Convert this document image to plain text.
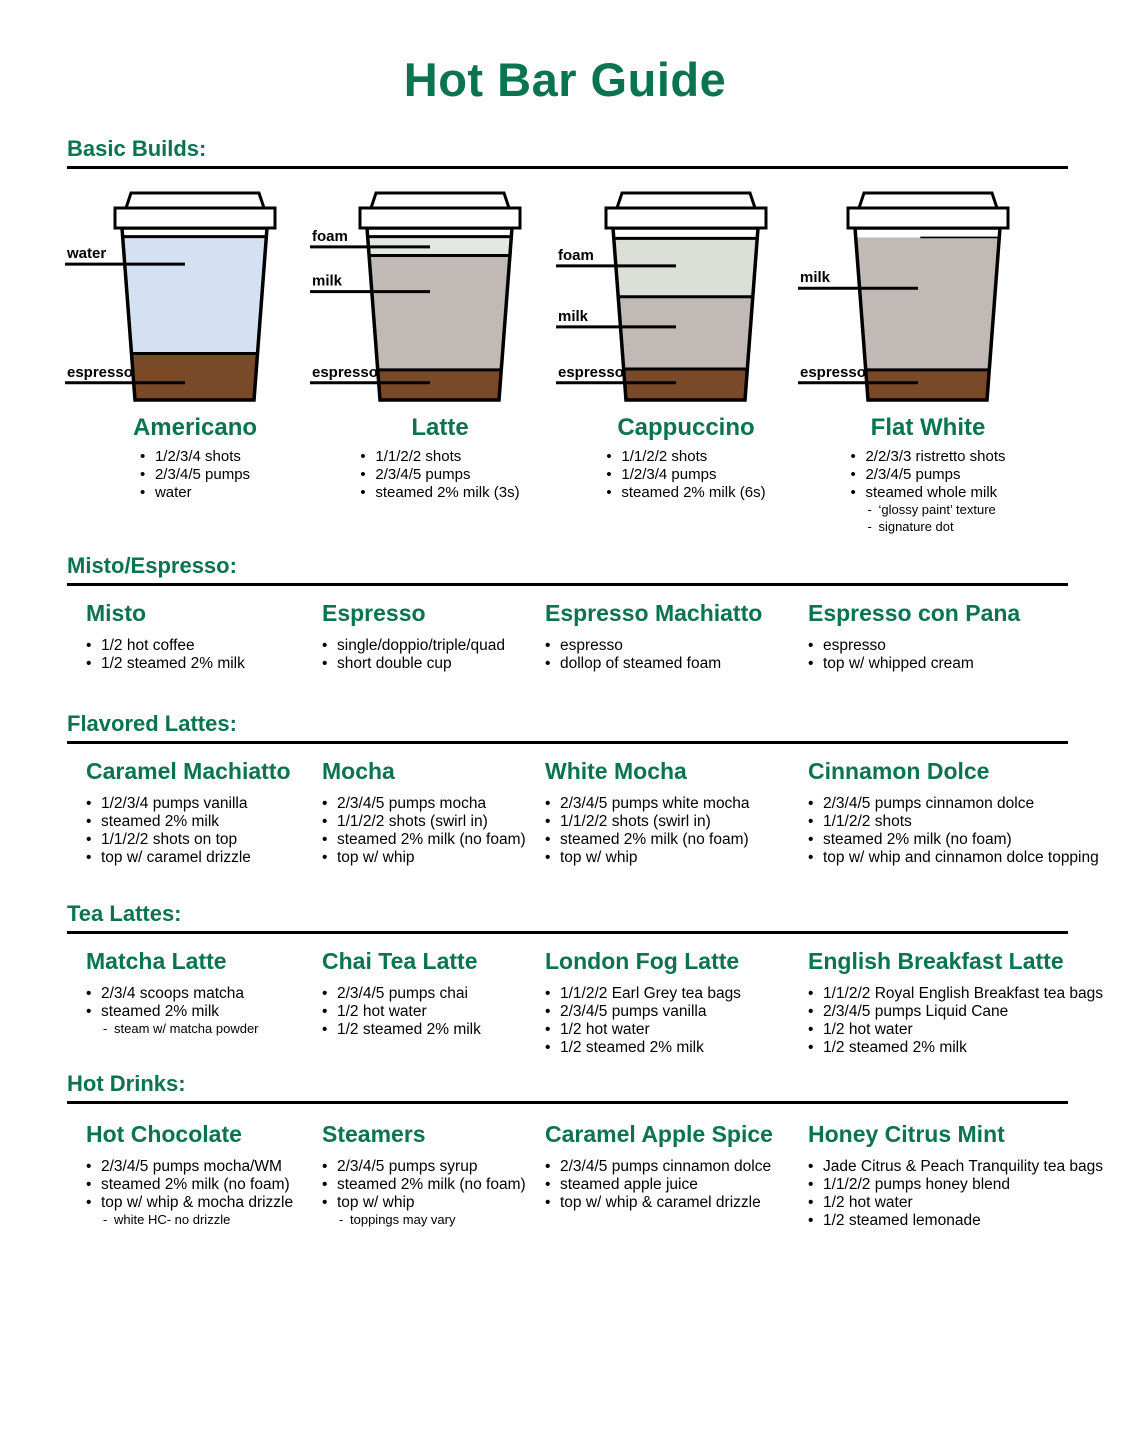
Hot Bar Guide
Basic Builds:
water
espresso
Americano
• 1/2/3/4 shots
• 2/3/4/5 pumps
• water
foam
milk
espresso
Latte
• 1/1/2/2 shots
• 2/3/4/5 pumps
• steamed 2% milk (3s)
foam
milk
espresso
Cappuccino
• 1/1/2/2 shots
• 1/2/3/4 pumps
• steamed 2% milk (6s)
milk
espresso
Flat White
• 2/2/3/3 ristretto shots
• 2/3/4/5 pumps
• steamed whole milk
- ‘glossy paint’ texture
- signature dot
Misto/Espresso:
Misto
• 1/2 hot coffee
• 1/2 steamed 2% milk
Espresso
• single/doppio/triple/quad
• short double cup
Espresso Machiatto
• espresso
• dollop of steamed foam
Espresso con Pana
• espresso
• top w/ whipped cream
Flavored Lattes:
Caramel Machiatto
• 1/2/3/4 pumps vanilla
• steamed 2% milk
• 1/1/2/2 shots on top
• top w/ caramel drizzle
Mocha
• 2/3/4/5 pumps mocha
• 1/1/2/2 shots (swirl in)
• steamed 2% milk (no foam)
• top w/ whip
White Mocha
• 2/3/4/5 pumps white mocha
• 1/1/2/2 shots (swirl in)
• steamed 2% milk (no foam)
• top w/ whip
Cinnamon Dolce
• 2/3/4/5 pumps cinnamon dolce
• 1/1/2/2 shots
• steamed 2% milk (no foam)
• top w/ whip and cinnamon dolce topping
Tea Lattes:
Matcha Latte
• 2/3/4 scoops matcha
• steamed 2% milk
- steam w/ matcha powder
Chai Tea Latte
• 2/3/4/5 pumps chai
• 1/2 hot water
• 1/2 steamed 2% milk
London Fog Latte
• 1/1/2/2 Earl Grey tea bags
• 2/3/4/5 pumps vanilla
• 1/2 hot water
• 1/2 steamed 2% milk
English Breakfast Latte
• 1/1/2/2 Royal English Breakfast tea bags
• 2/3/4/5 pumps Liquid Cane
• 1/2 hot water
• 1/2 steamed 2% milk
Hot Drinks:
Hot Chocolate
• 2/3/4/5 pumps mocha/WM
• steamed 2% milk (no foam)
• top w/ whip & mocha drizzle
- white HC- no drizzle
Steamers
• 2/3/4/5 pumps syrup
• steamed 2% milk (no foam)
• top w/ whip
- toppings may vary
Caramel Apple Spice
• 2/3/4/5 pumps cinnamon dolce
• steamed apple juice
• top w/ whip & caramel drizzle
Honey Citrus Mint
• Jade Citrus & Peach Tranquility tea bags
• 1/1/2/2 pumps honey blend
• 1/2 hot water
• 1/2 steamed lemonade
